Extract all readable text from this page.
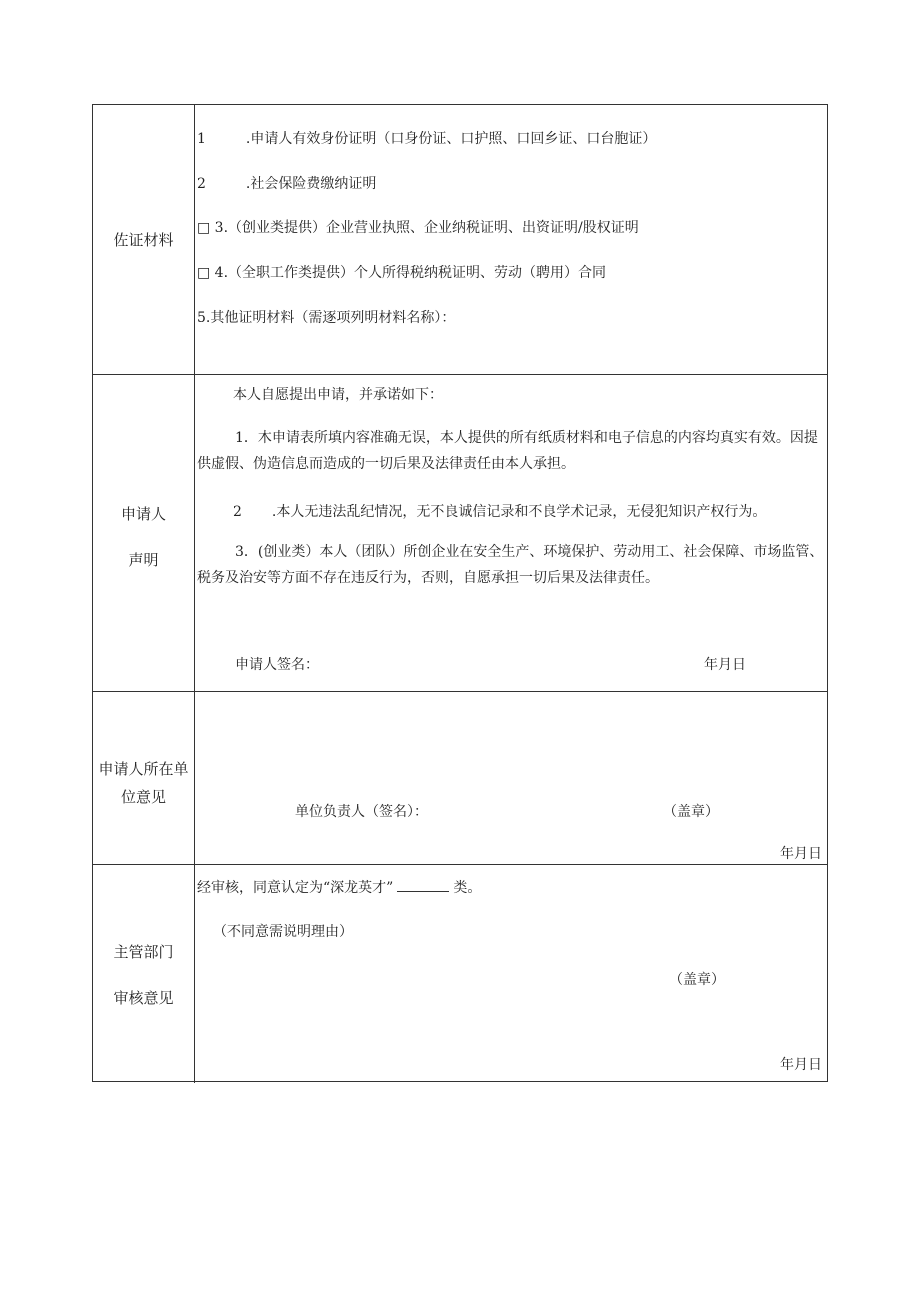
佐证材料
1	.申请人有效身份证明（口身份证、口护照、口回乡证、口台胞证）
2	.社会保险费缴纳证明
□ 3.（创业类提供）企业营业执照、企业纳税证明、出资证明/股权证明
□ 4.（全职工作类提供）个人所得税纳税证明、劳动（聘用）合同
5.其他证明材料（需逐项列明材料名称）：
申请人
声明
本人自愿提出申请，并承诺如下：
1．木申请表所填内容准确无误，本人提供的所有纸质材料和电子信息的内容均真实有效。因提供虚假、伪造信息而造成的一切后果及法律责任由本人承担。
2 .本人无违法乱纪情况，无不良诚信记录和不良学术记录，无侵犯知识产权行为。
3．(创业类）本人（团队）所创企业在安全生产、环境保护、劳动用工、社会保障、市场监管、税务及治安等方面不存在违反行为，否则，自愿承担一切后果及法律责任。
申请人签名：	年月日
申请人所在单
位意见
单位负责人（签名）：	（盖章）
年月日
主管部门
审核意见
经审核，同意认定为“深龙英才”	类。
（不同意需说明理由）
（盖章）
年月日
